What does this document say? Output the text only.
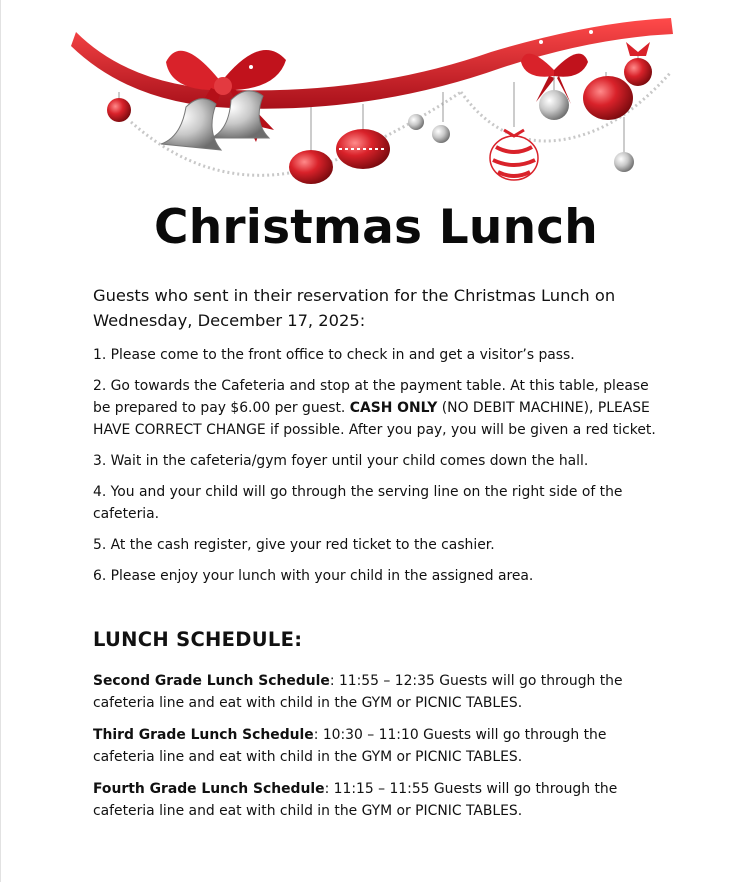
Christmas Lunch
Guests who sent in their reservation for the Christmas Lunch on Wednesday, December 17, 2025:

1. Please come to the front office to check in and get a visitor’s pass.

2. Go towards the Cafeteria and stop at the payment table. At this table, please be prepared to pay $6.00 per guest. CASH ONLY (NO DEBIT MACHINE), PLEASE HAVE CORRECT CHANGE if possible. After you pay, you will be given a red ticket.

3. Wait in the cafeteria/gym foyer until your child comes down the hall.

4. You and your child will go through the serving line on the right side of the cafeteria.

5. At the cash register, give your red ticket to the cashier.

6. Please enjoy your lunch with your child in the assigned area.

LUNCH SCHEDULE:

Second Grade Lunch Schedule: 11:55 – 12:35 Guests will go through the cafeteria line and eat with child in the GYM or PICNIC TABLES.

Third Grade Lunch Schedule: 10:30 – 11:10 Guests will go through the cafeteria line and eat with child in the GYM or PICNIC TABLES.

Fourth Grade Lunch Schedule: 11:15 – 11:55 Guests will go through the cafeteria line and eat with child in the GYM or PICNIC TABLES.
